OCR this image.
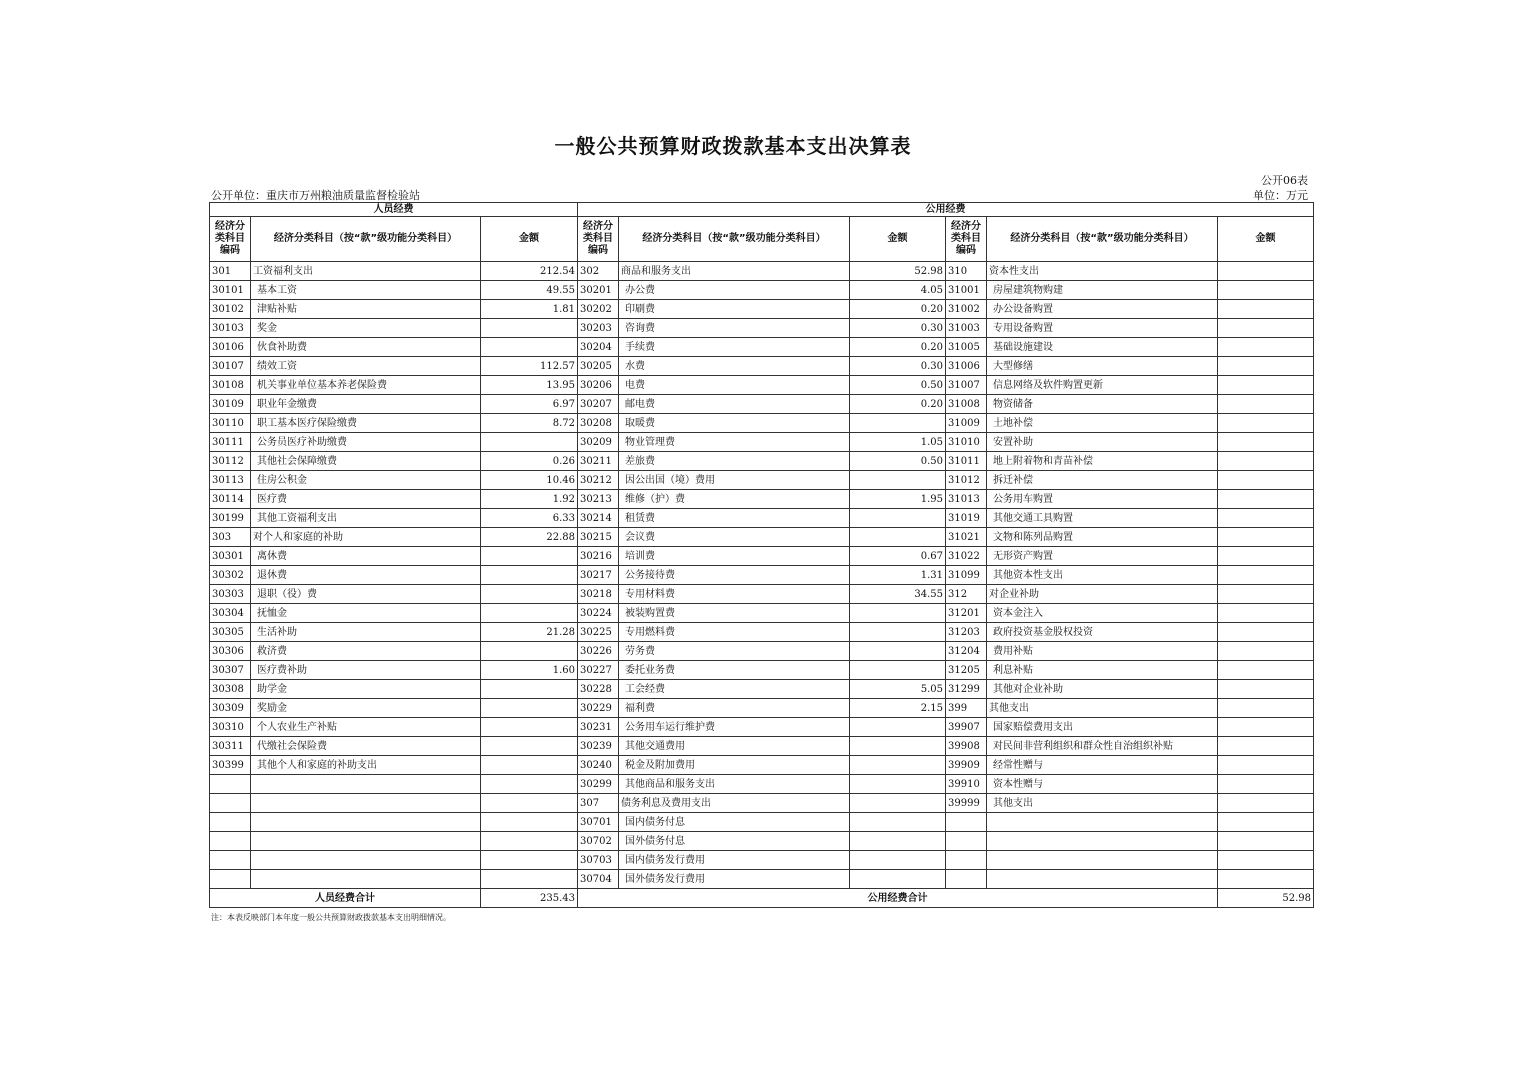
一般公共预算财政拨款基本支出决算表
公开06表
公开单位：重庆市万州粮油质量监督检验站	单位：万元
人员经费			公用经费					
经济分类科目编码	经济分类科目（按“款”级功能分类科目）	金额	经济分类科目编码	经济分类科目（按“款”级功能分类科目）	金额	经济分类科目编码	经济分类科目（按“款”级功能分类科目）	金额
301	工资福利支出	212.54	302	商品和服务支出	52.98	310	资本性支出	
30101	基本工资	49.55	30201	办公费	4.05	31001	房屋建筑物购建	
30102	津贴补贴	1.81	30202	印刷费	0.20	31002	办公设备购置	
30103	奖金		30203	咨询费	0.30	31003	专用设备购置	
30106	伙食补助费		30204	手续费	0.20	31005	基础设施建设	
30107	绩效工资	112.57	30205	水费	0.30	31006	大型修缮	
30108	机关事业单位基本养老保险费	13.95	30206	电费	0.50	31007	信息网络及软件购置更新	
30109	职业年金缴费	6.97	30207	邮电费	0.20	31008	物资储备	
30110	职工基本医疗保险缴费	8.72	30208	取暖费		31009	土地补偿	
30111	公务员医疗补助缴费		30209	物业管理费	1.05	31010	安置补助	
30112	其他社会保障缴费	0.26	30211	差旅费	0.50	31011	地上附着物和青苗补偿	
30113	住房公积金	10.46	30212	因公出国（境）费用		31012	拆迁补偿	
30114	医疗费	1.92	30213	维修（护）费	1.95	31013	公务用车购置	
30199	其他工资福利支出	6.33	30214	租赁费		31019	其他交通工具购置	
303	对个人和家庭的补助	22.88	30215	会议费		31021	文物和陈列品购置	
30301	离休费		30216	培训费	0.67	31022	无形资产购置	
30302	退休费		30217	公务接待费	1.31	31099	其他资本性支出	
30303	退职（役）费		30218	专用材料费	34.55	312	对企业补助	
30304	抚恤金		30224	被装购置费		31201	资本金注入	
30305	生活补助	21.28	30225	专用燃料费		31203	政府投资基金股权投资	
30306	救济费		30226	劳务费		31204	费用补贴	
30307	医疗费补助	1.60	30227	委托业务费		31205	利息补贴	
30308	助学金		30228	工会经费	5.05	31299	其他对企业补助	
30309	奖励金		30229	福利费	2.15	399	其他支出	
30310	个人农业生产补贴		30231	公务用车运行维护费		39907	国家赔偿费用支出	
30311	代缴社会保险费		30239	其他交通费用		39908	对民间非营利组织和群众性自治组织补贴	
30399	其他个人和家庭的补助支出		30240	税金及附加费用		39909	经常性赠与	
			30299	其他商品和服务支出		39910	资本性赠与	
			307	债务利息及费用支出		39999	其他支出	
			30701	国内债务付息				
			30702	国外债务付息				
			30703	国内债务发行费用				
			30704	国外债务发行费用				
人员经费合计		235.43	公用经费合计					52.98
注：本表反映部门本年度一般公共预算财政拨款基本支出明细情况。
